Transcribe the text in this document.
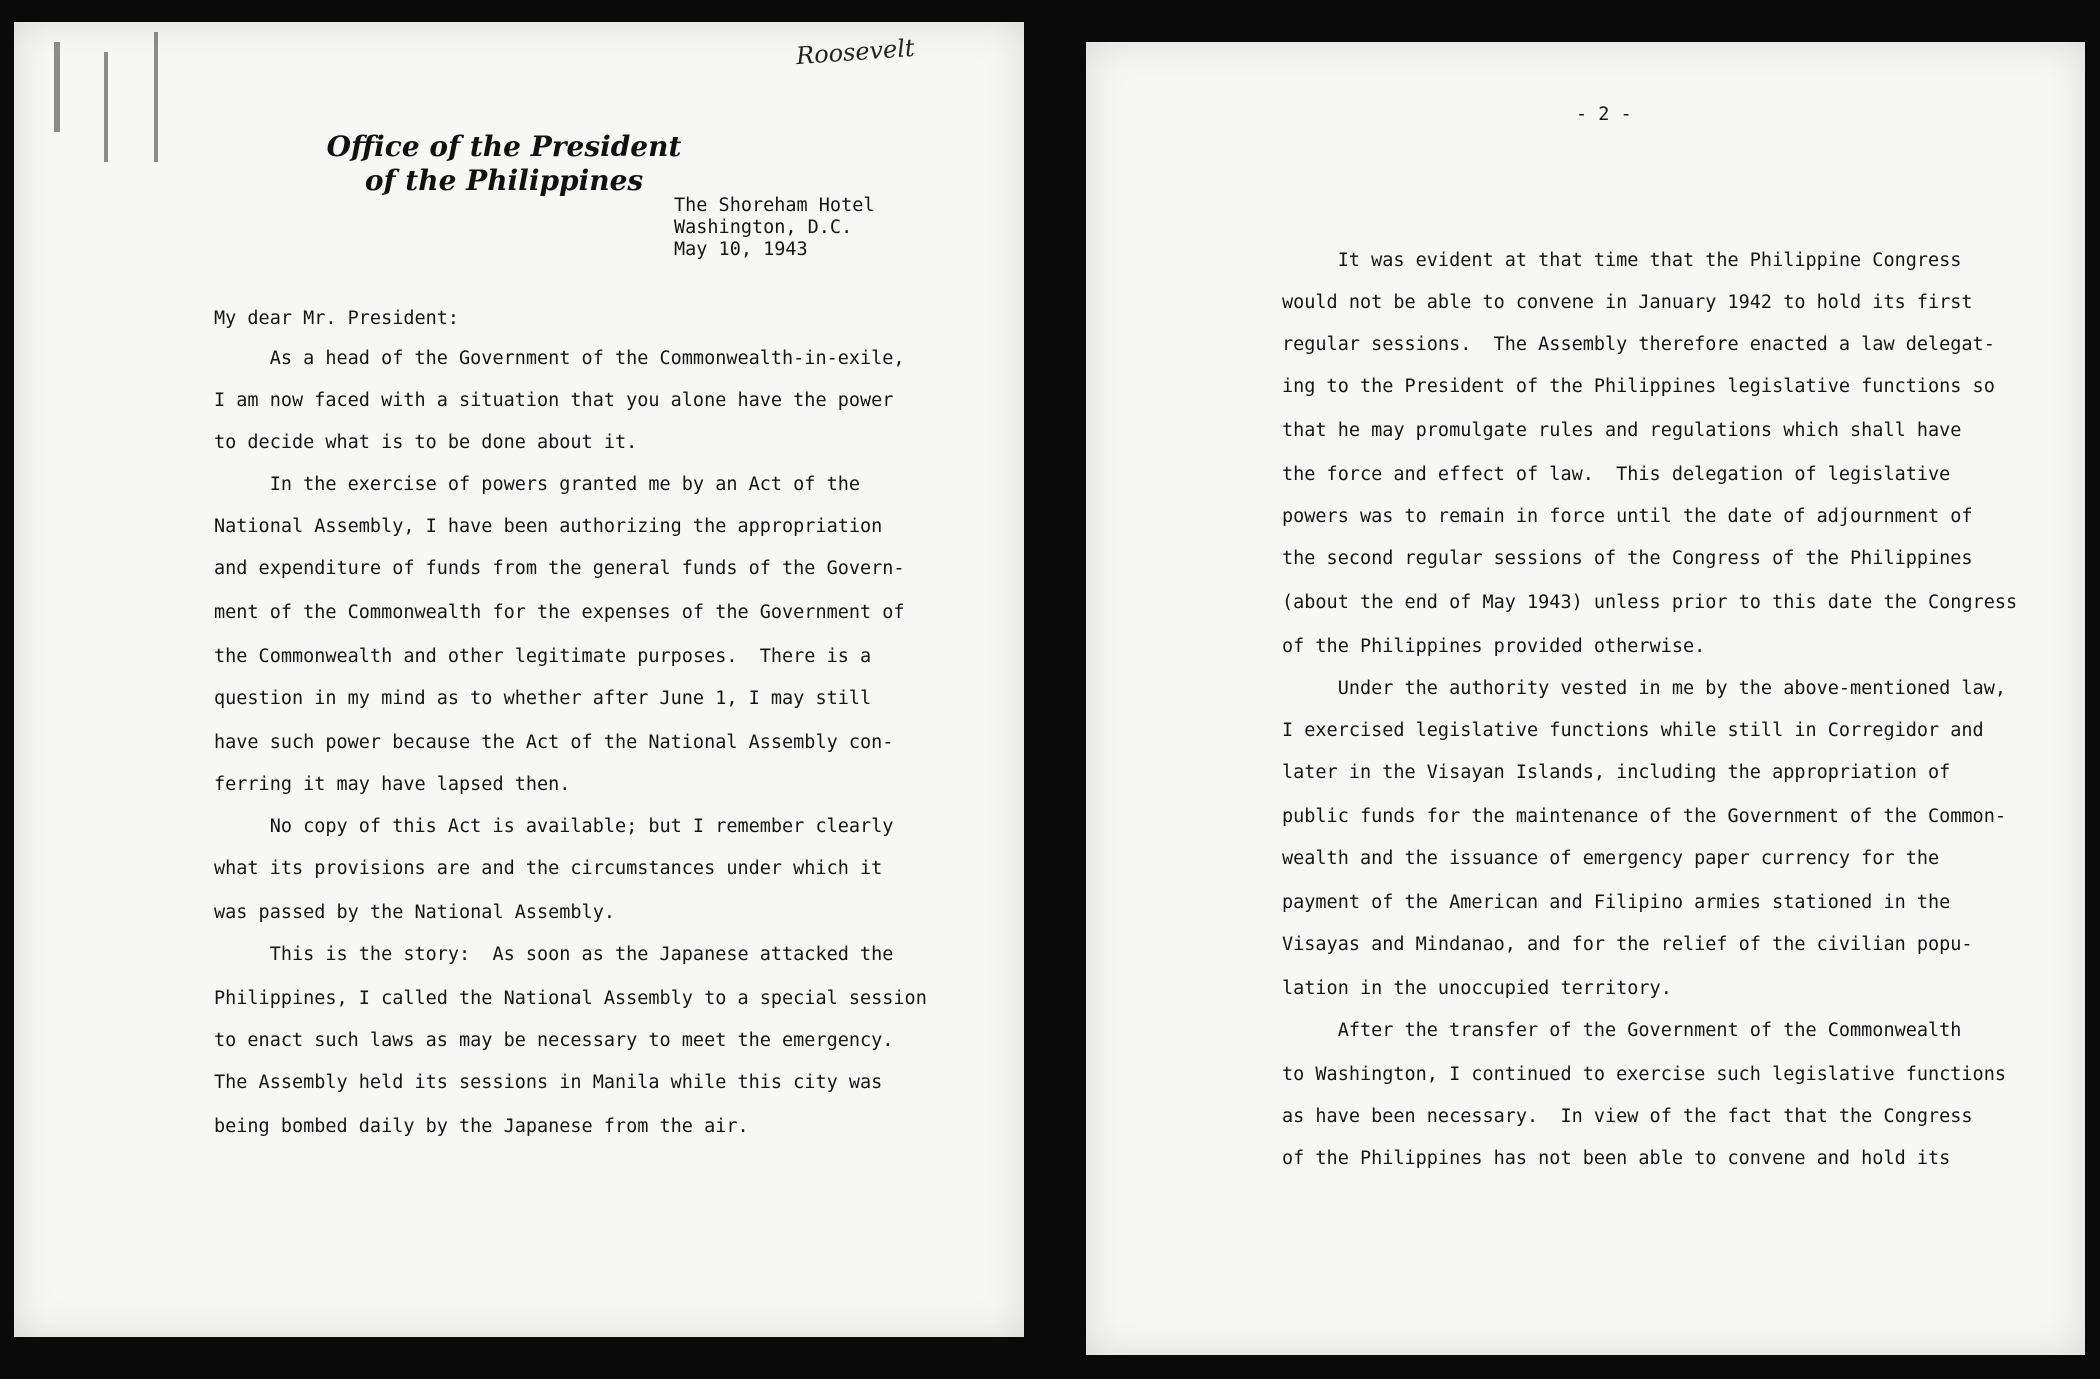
Roosevelt
Office of the President
of the Philippines
The Shoreham Hotel
Washington, D.C.
May 10, 1943
My dear Mr. President:

As a head of the Government of the Commonwealth-in-exile,

I am now faced with a situation that you alone have the power

to decide what is to be done about it.

In the exercise of powers granted me by an Act of the

National Assembly, I have been authorizing the appropriation

and expenditure of funds from the general funds of the Govern-

ment of the Commonwealth for the expenses of the Government of

the Commonwealth and other legitimate purposes.  There is a

question in my mind as to whether after June 1, I may still

have such power because the Act of the National Assembly con-

ferring it may have lapsed then.

No copy of this Act is available; but I remember clearly

what its provisions are and the circumstances under which it

was passed by the National Assembly.

This is the story:  As soon as the Japanese attacked the

Philippines, I called the National Assembly to a special session

to enact such laws as may be necessary to meet the emergency.

The Assembly held its sessions in Manila while this city was

being bombed daily by the Japanese from the air.

- 2 -

It was evident at that time that the Philippine Congress

would not be able to convene in January 1942 to hold its first

regular sessions.  The Assembly therefore enacted a law delegat-

ing to the President of the Philippines legislative functions so

that he may promulgate rules and regulations which shall have

the force and effect of law.  This delegation of legislative

powers was to remain in force until the date of adjournment of

the second regular sessions of the Congress of the Philippines

(about the end of May 1943) unless prior to this date the Congress

of the Philippines provided otherwise.

Under the authority vested in me by the above-mentioned law,

I exercised legislative functions while still in Corregidor and

later in the Visayan Islands, including the appropriation of

public funds for the maintenance of the Government of the Common-

wealth and the issuance of emergency paper currency for the

payment of the American and Filipino armies stationed in the

Visayas and Mindanao, and for the relief of the civilian popu-

lation in the unoccupied territory.

After the transfer of the Government of the Commonwealth

to Washington, I continued to exercise such legislative functions

as have been necessary.  In view of the fact that the Congress

of the Philippines has not been able to convene and hold its
